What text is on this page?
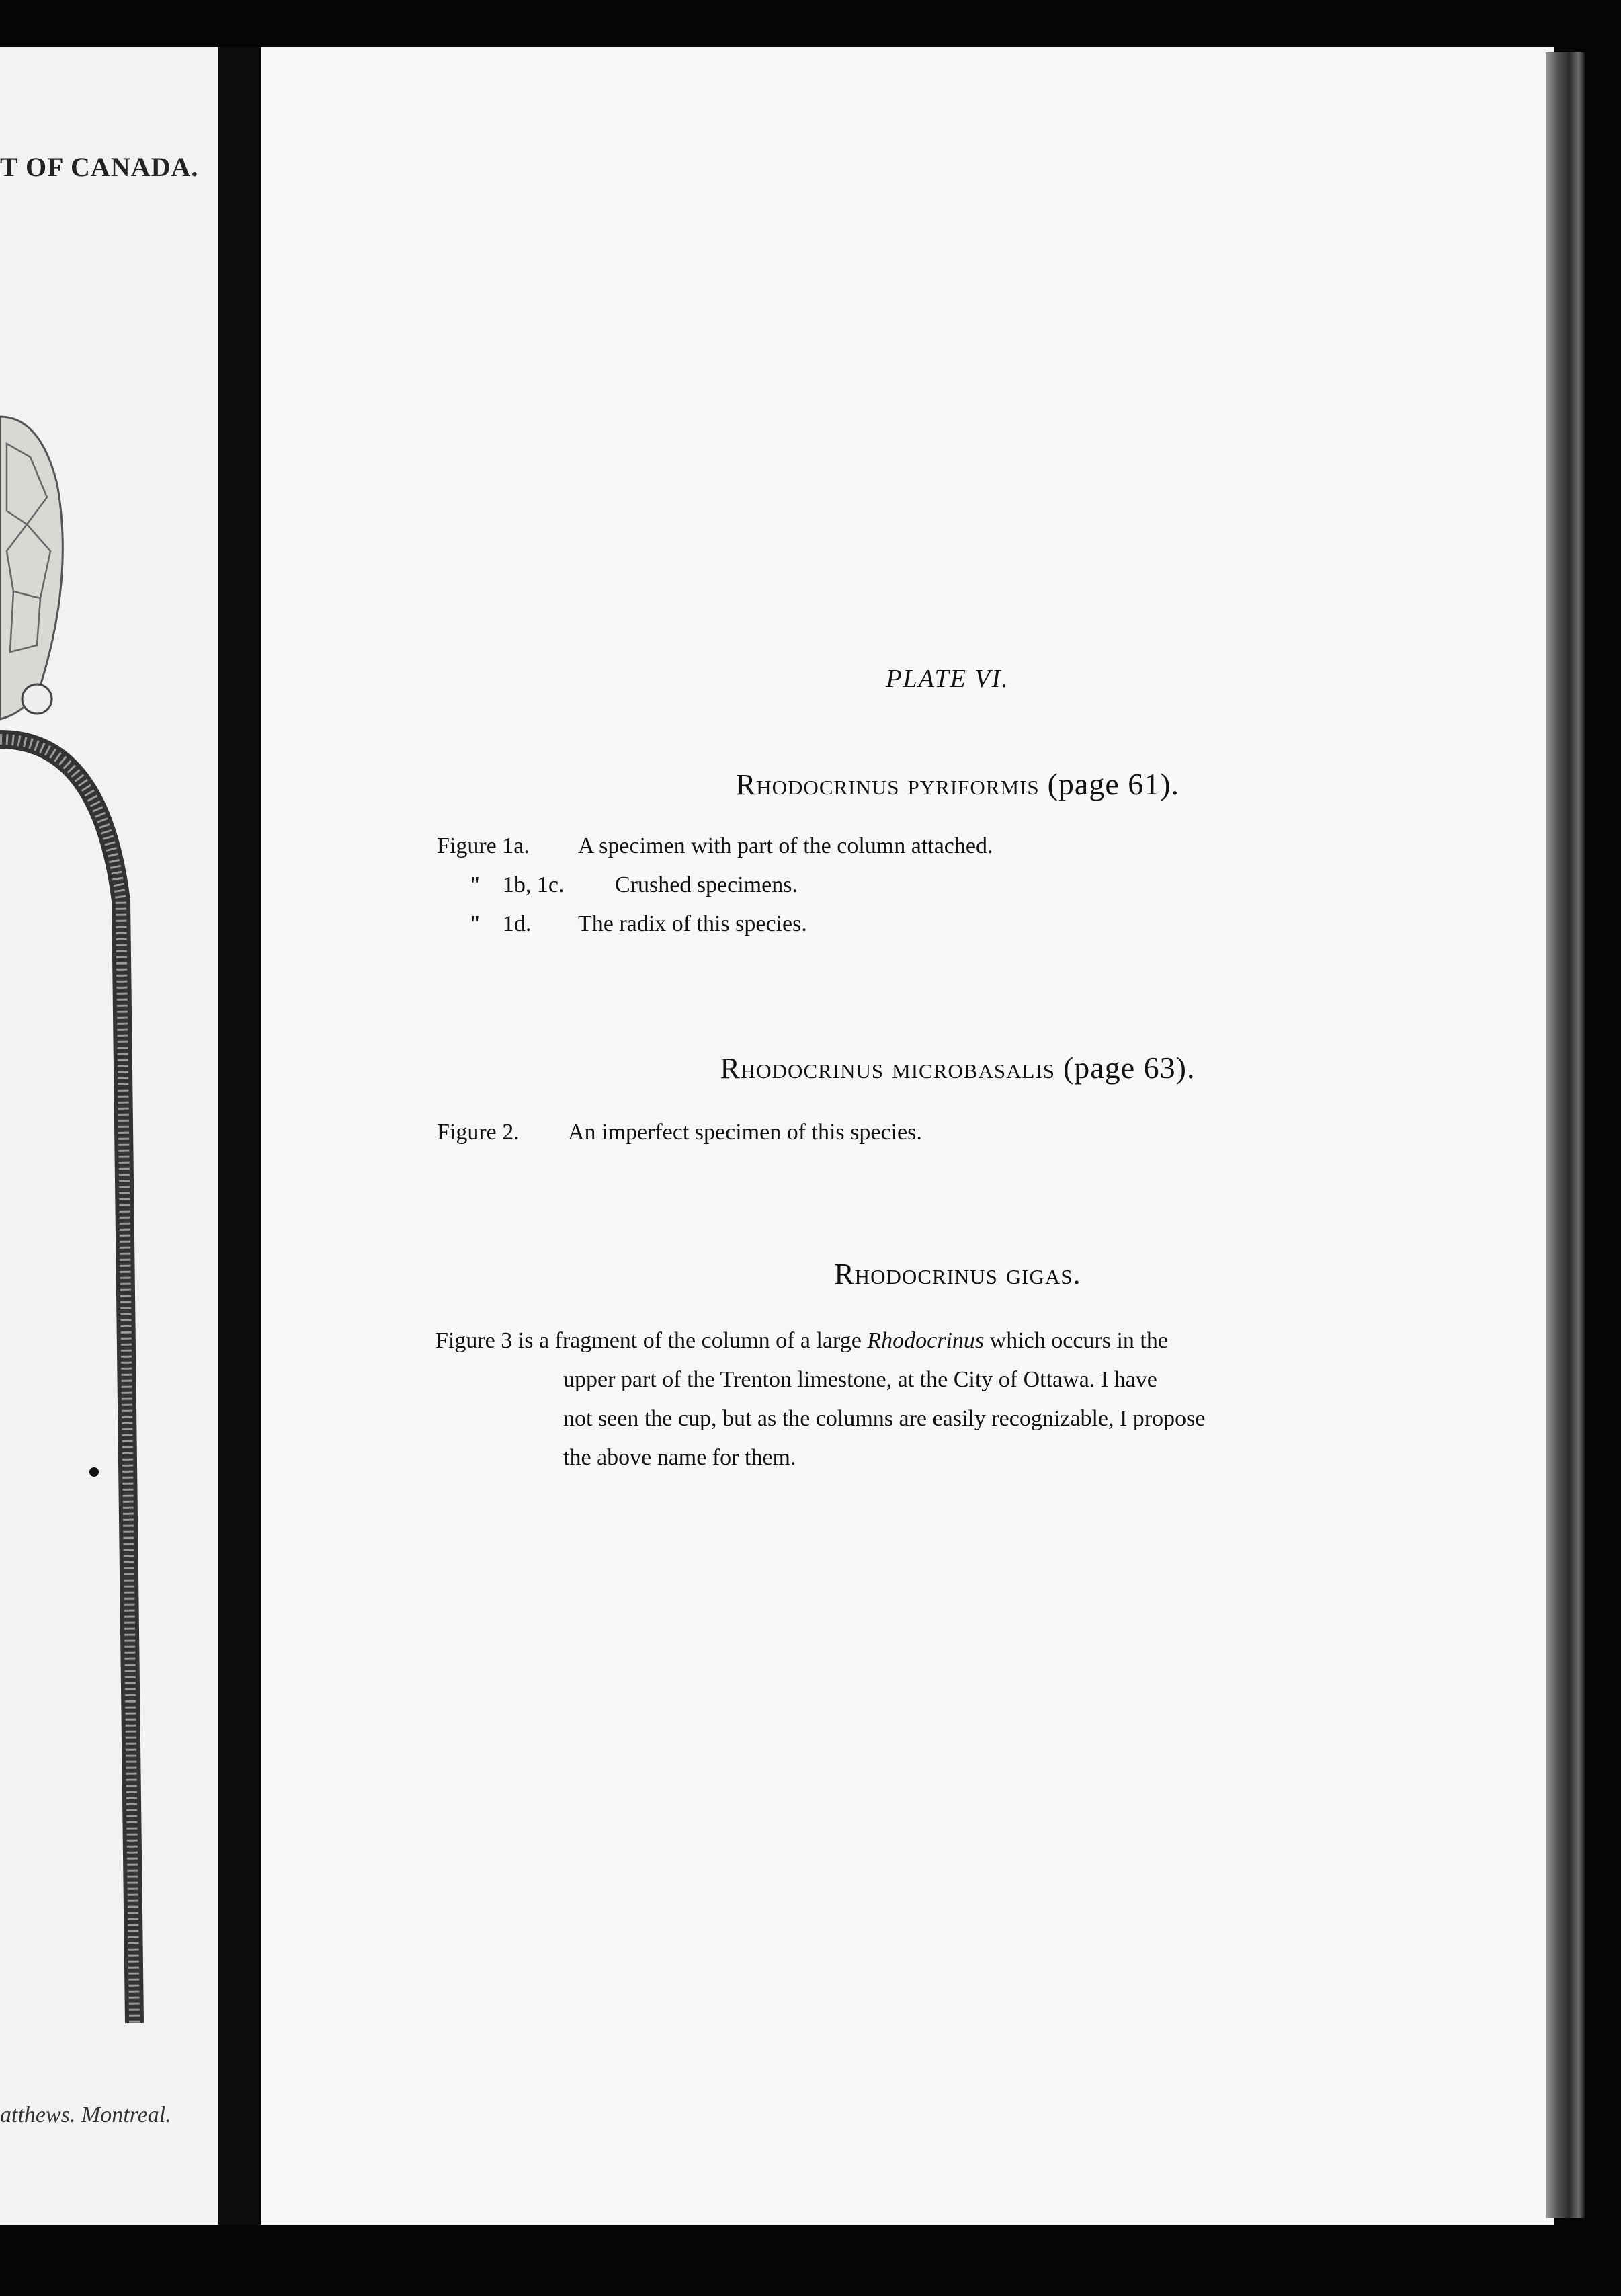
T OF CANADA.
atthews. Montreal.
PLATE VI.
Rhodocrinus pyriformis (page 61).
Figure 1a. A specimen with part of the column attached.
"    1b, 1c. Crushed specimens.
"    1d. The radix of this species.
Rhodocrinus microbasalis (page 63).
Figure 2. An imperfect specimen of this species.
Rhodocrinus gigas.
Figure 3 is a fragment of the column of a large Rhodocrinus which occurs in the
upper part of the Trenton limestone, at the City of Ottawa. I have
not seen the cup, but as the columns are easily recognizable, I propose
the above name for them.
